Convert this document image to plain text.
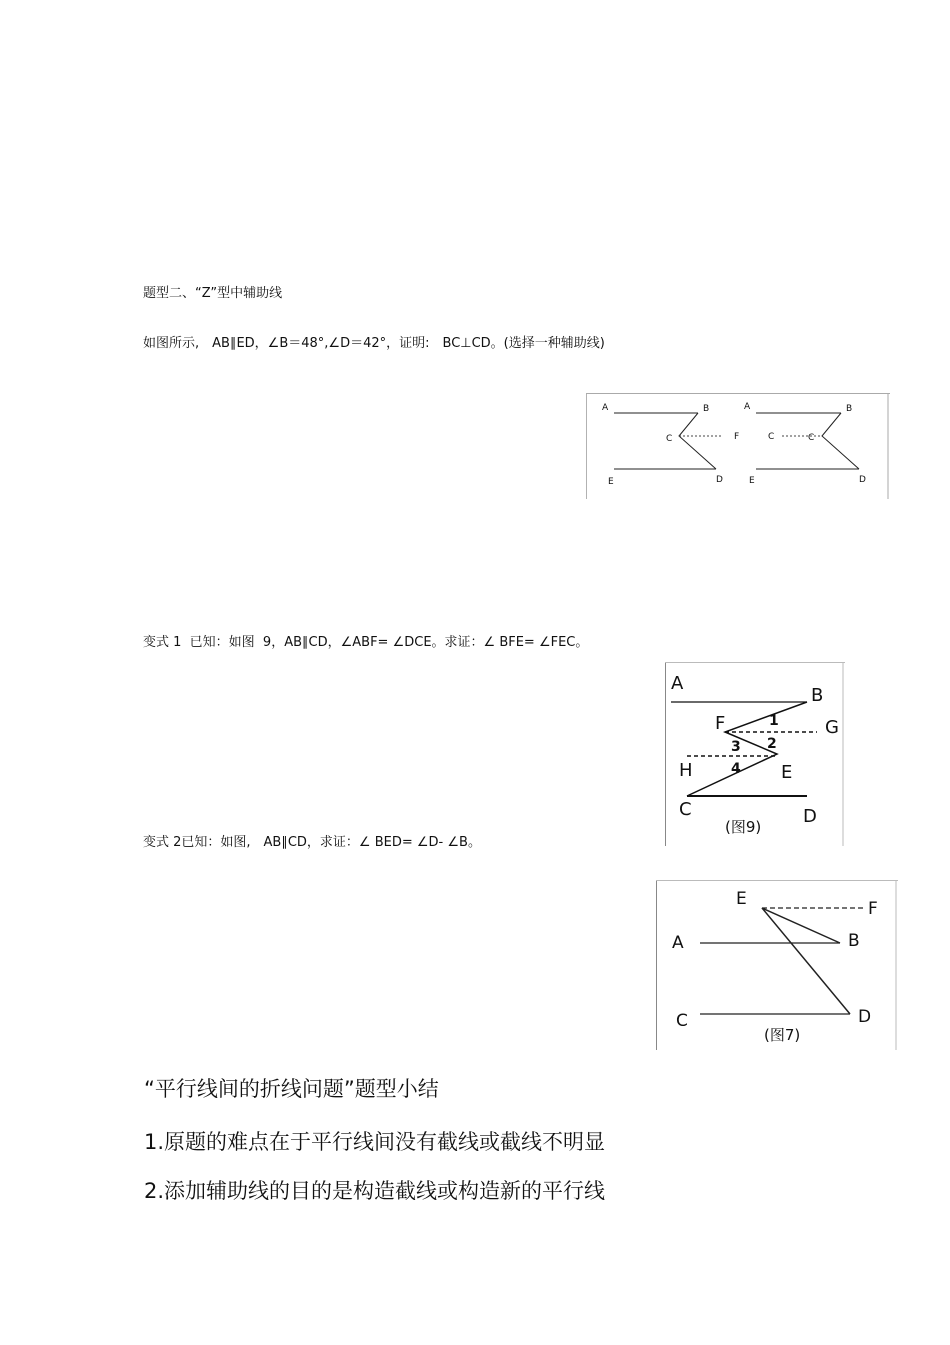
题型二、“Z”型中辅助线
如图所示,　AB∥ED，∠B＝48°,∠D＝42°，证明:　BC⊥CD。(选择一种辅助线)
A	B
C	F
E	D
A	B
C	C
E	D
变式 1  已知：如图  9，AB∥CD，∠ABF= ∠DCE。求证：∠ BFE= ∠FEC。
A
B
F	G
H	E
C	D
1
2
3
4
(图9)
变式 2已知：如图,　AB∥CD，求证：∠ BED= ∠D- ∠B。
E	F
A	B
C	D
(图7)
“平行线间的折线问题”题型小结
1.原题的难点在于平行线间没有截线或截线不明显
2.添加辅助线的目的是构造截线或构造新的平行线
